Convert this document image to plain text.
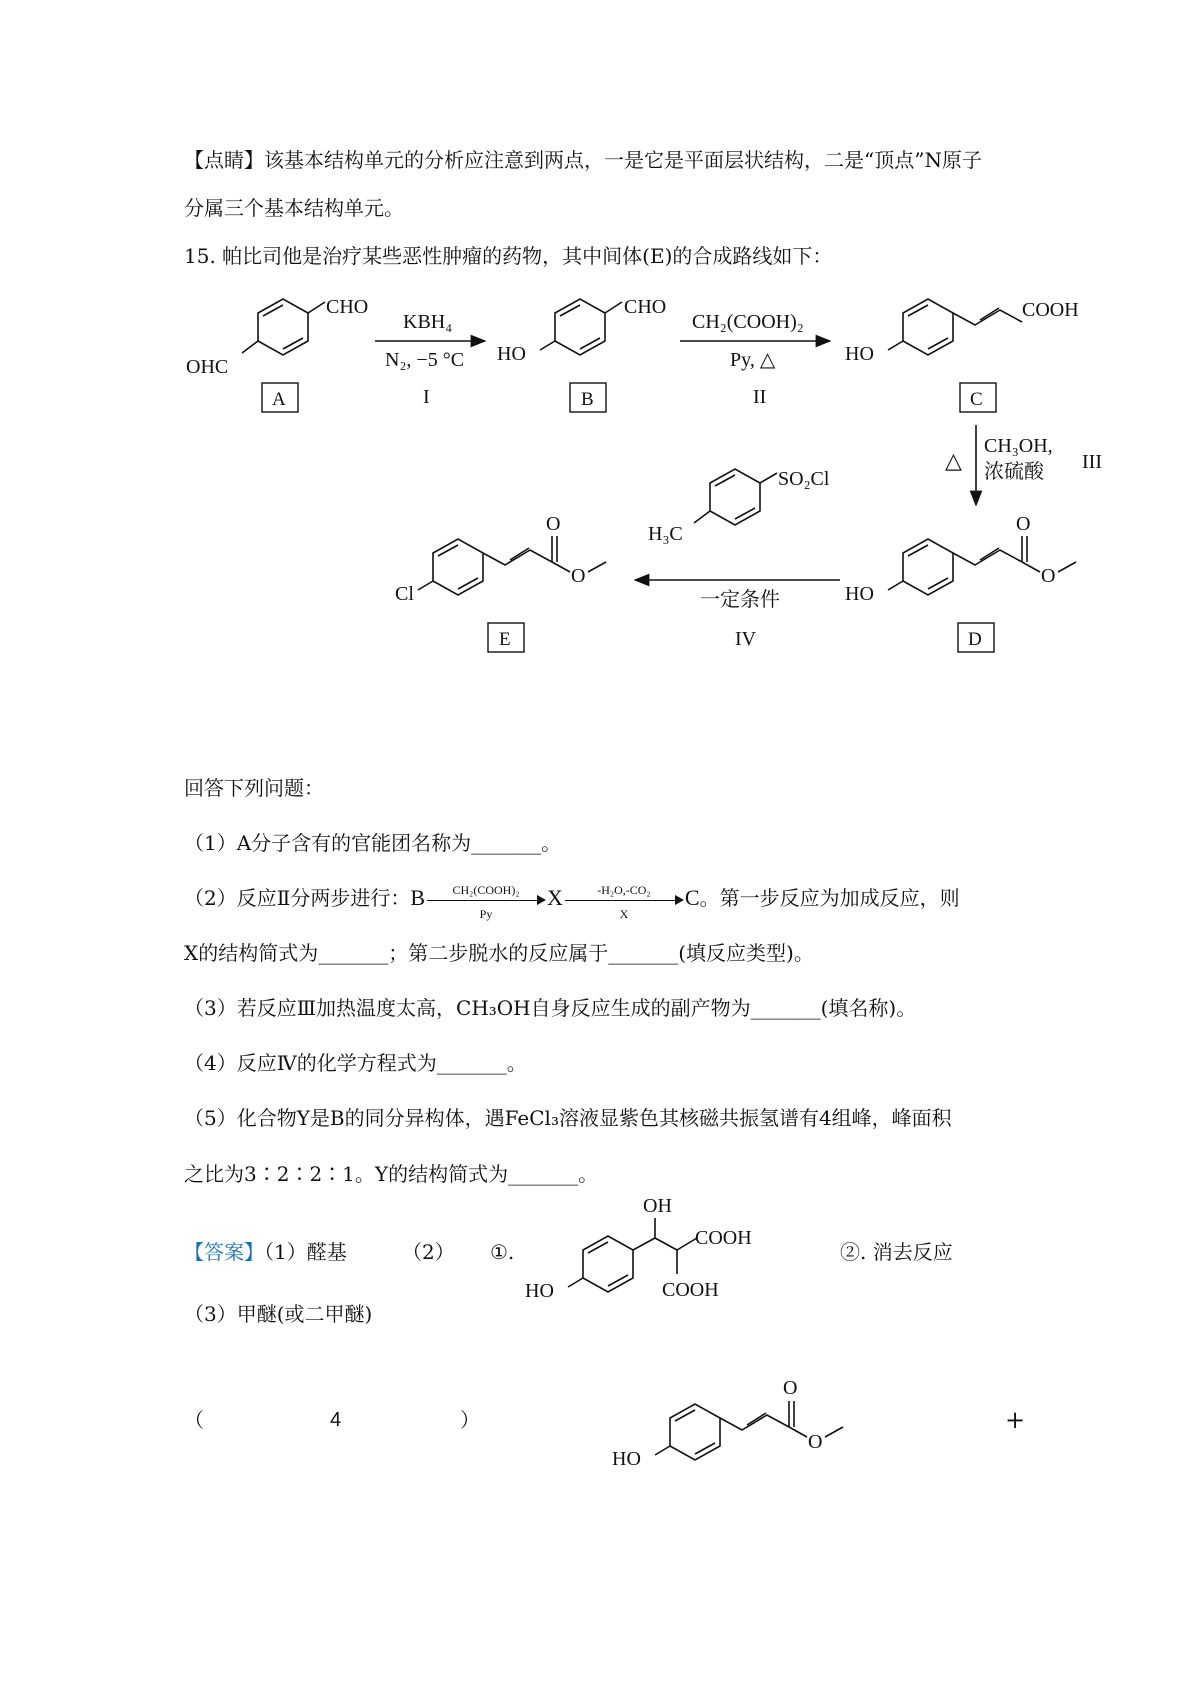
【点睛】该基本结构单元的分析应注意到两点，一是它是平面层状结构，二是“顶点”N原子
分属三个基本结构单元。
15. 帕比司他是治疗某些恶性肿瘤的药物，其中间体(E)的合成路线如下：
CHO
OHC
A
KBH₄
N₂, −5 °C
I
HO
CHO
B
CH₂(COOH)₂
Py, △
II
HO
COOH
C
△
CH₃OH,
浓硫酸 III
HO
O
O
D
SO₂Cl
H₃C
一定条件
IV
Cl
O
O
E
回答下列问题：
（1）A分子含有的官能团名称为_______。
（2）反应Ⅱ分两步进行：B	CH₂(COOH)₂
Py
X $\frac{\text{-H₂O,-CO₂}}{X}$ C。第一步反应为加成反应，则
X的结构简式为_______；第二步脱水的反应属于_______(填反应类型)。
（3）若反应Ⅲ加热温度太高，CH₃OH自身反应生成的副产物为_______(填名称)。
（4）反应Ⅳ的化学方程式为_______。
（5）化合物Y是B的同分异构体，遇FeCl₃溶液显紫色其核磁共振氢谱有4组峰，峰面积
之比为3∶2∶2∶1。Y的结构简式为_______。
【答案】（1）醛基	（2） ①.	②. 消去反应
HO
OH
COOH
COOH
（3）甲醚(或二甲醚)
（	4	）	+
HO
O
O
